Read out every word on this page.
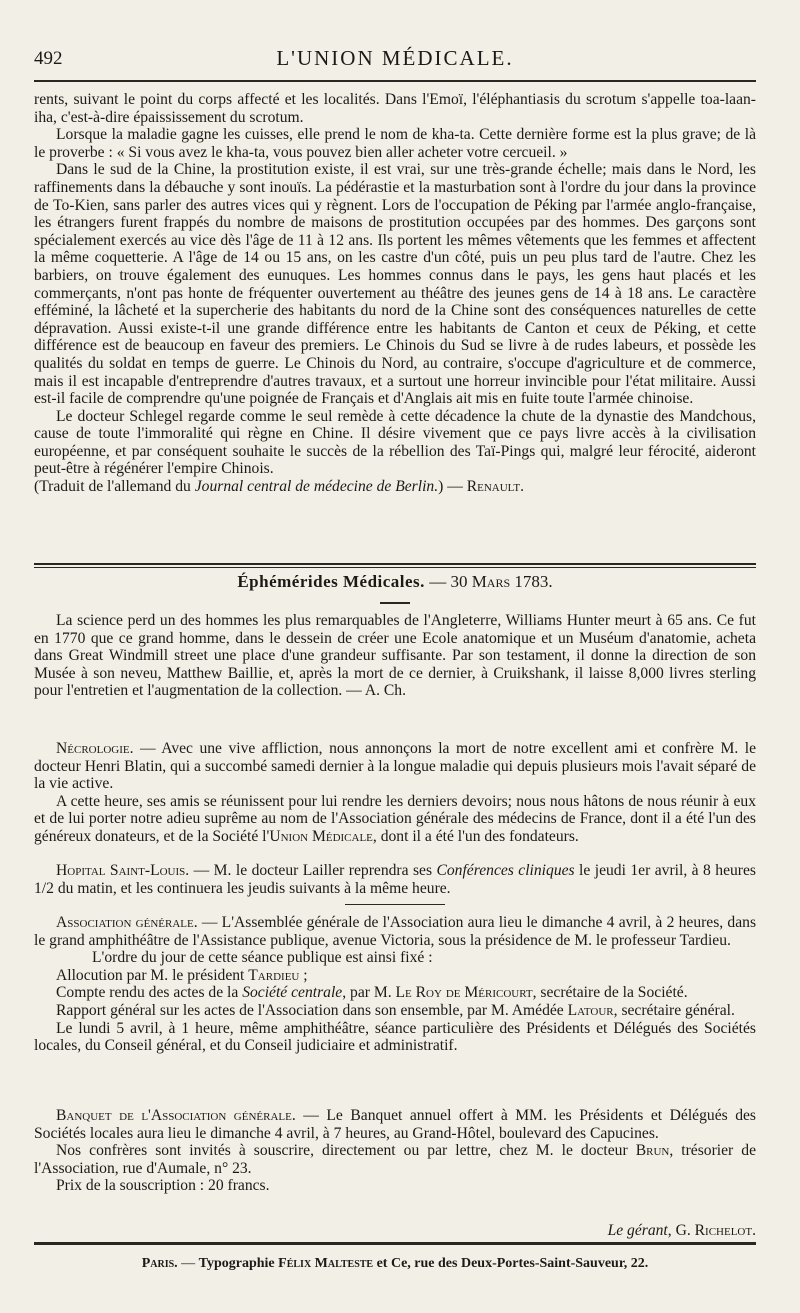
492	L'UNION MÉDICALE.

rents, suivant le point du corps affecté et les localités. Dans l'Emoï, l'éléphantiasis du scrotum s'appelle toa-laan-iha, c'est-à-dire épaississement du scrotum.

Lorsque la maladie gagne les cuisses, elle prend le nom de kha-ta. Cette dernière forme est la plus grave; de là le proverbe : « Si vous avez le kha-ta, vous pouvez bien aller acheter votre cercueil. »

Dans le sud de la Chine, la prostitution existe, il est vrai, sur une très-grande échelle; mais dans le Nord, les raffinements dans la débauche y sont inouïs. La pédérastie et la masturbation sont à l'ordre du jour dans la province de To-Kien, sans parler des autres vices qui y règnent. Lors de l'occupation de Péking par l'armée anglo-française, les étrangers furent frappés du nombre de maisons de prostitution occupées par des hommes. Des garçons sont spécialement exercés au vice dès l'âge de 11 à 12 ans. Ils portent les mêmes vêtements que les femmes et affectent la même coquetterie. A l'âge de 14 ou 15 ans, on les castre d'un côté, puis un peu plus tard de l'autre. Chez les barbiers, on trouve également des eunuques. Les hommes connus dans le pays, les gens haut placés et les commerçants, n'ont pas honte de fréquenter ouvertement au théâtre des jeunes gens de 14 à 18 ans. Le caractère efféminé, la lâcheté et la supercherie des habitants du nord de la Chine sont des conséquences naturelles de cette dépravation. Aussi existe-t-il une grande différence entre les habitants de Canton et ceux de Péking, et cette différence est de beaucoup en faveur des premiers. Le Chinois du Sud se livre à de rudes labeurs, et possède les qualités du soldat en temps de guerre. Le Chinois du Nord, au contraire, s'occupe d'agriculture et de commerce, mais il est incapable d'entreprendre d'autres travaux, et a surtout une horreur invincible pour l'état militaire. Aussi est-il facile de comprendre qu'une poignée de Français et d'Anglais ait mis en fuite toute l'armée chinoise.

Le docteur Schlegel regarde comme le seul remède à cette décadence la chute de la dynastie des Mandchous, cause de toute l'immoralité qui règne en Chine. Il désire vivement que ce pays livre accès à la civilisation européenne, et par conséquent souhaite le succès de la rébellion des Taï-Pings qui, malgré leur férocité, aideront peut-être à régénérer l'empire Chinois.

(Traduit de l'allemand du Journal central de médecine de Berlin.) — Renault.

Éphémérides Médicales. — 30 Mars 1783.

La science perd un des hommes les plus remarquables de l'Angleterre, Williams Hunter meurt à 65 ans. Ce fut en 1770 que ce grand homme, dans le dessein de créer une Ecole anatomique et un Muséum d'anatomie, acheta dans Great Windmill street une place d'une grandeur suffisante. Par son testament, il donne la direction de son Musée à son neveu, Matthew Baillie, et, après la mort de ce dernier, à Cruikshank, il laisse 8,000 livres sterling pour l'entretien et l'augmentation de la collection. — A. Ch.

Nécrologie. — Avec une vive affliction, nous annonçons la mort de notre excellent ami et confrère M. le docteur Henri Blatin, qui a succombé samedi dernier à la longue maladie qui depuis plusieurs mois l'avait séparé de la vie active.

A cette heure, ses amis se réunissent pour lui rendre les derniers devoirs; nous nous hâtons de nous réunir à eux et de lui porter notre adieu suprême au nom de l'Association générale des médecins de France, dont il a été l'un des généreux donateurs, et de la Société l'Union Médicale, dont il a été l'un des fondateurs.

Hopital Saint-Louis. — M. le docteur Lailler reprendra ses Conférences cliniques le jeudi 1er avril, à 8 heures 1/2 du matin, et les continuera les jeudis suivants à la même heure.

Association générale. — L'Assemblée générale de l'Association aura lieu le dimanche 4 avril, à 2 heures, dans le grand amphithéâtre de l'Assistance publique, avenue Victoria, sous la présidence de M. le professeur Tardieu.

L'ordre du jour de cette séance publique est ainsi fixé :

Allocution par M. le président Tardieu ;

Compte rendu des actes de la Société centrale, par M. Le Roy de Méricourt, secrétaire de la Société.

Rapport général sur les actes de l'Association dans son ensemble, par M. Amédée Latour, secrétaire général.

Le lundi 5 avril, à 1 heure, même amphithéâtre, séance particulière des Présidents et Délégués des Sociétés locales, du Conseil général, et du Conseil judiciaire et administratif.

Banquet de l'Association générale. — Le Banquet annuel offert à MM. les Présidents et Délégués des Sociétés locales aura lieu le dimanche 4 avril, à 7 heures, au Grand-Hôtel, boulevard des Capucines.

Nos confrères sont invités à souscrire, directement ou par lettre, chez M. le docteur Brun, trésorier de l'Association, rue d'Aumale, n° 23.

Prix de la souscription : 20 francs.

Le gérant, G. Richelot.
Paris. — Typographie Félix Malteste et Ce, rue des Deux-Portes-Saint-Sauveur, 22.
